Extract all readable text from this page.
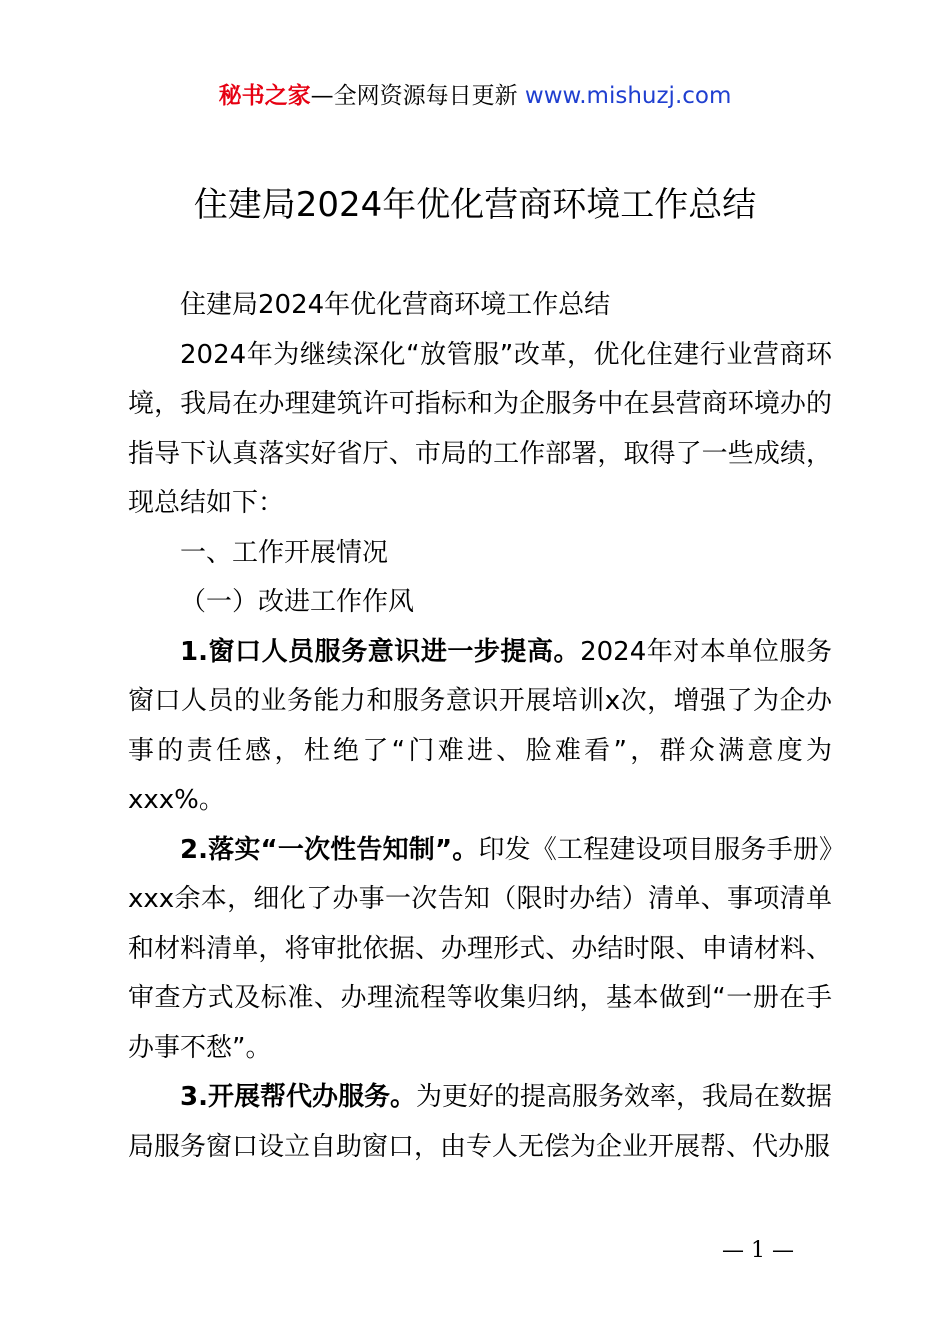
秘书之家—全网资源每日更新 www.mishuzj.com
住建局2024年优化营商环境工作总结

住建局2024年优化营商环境工作总结

2024年为继续深化“放管服”改革，优化住建行业营商环境，我局在办理建筑许可指标和为企服务中在县营商环境办的指导下认真落实好省厅、市局的工作部署，取得了一些成绩，现总结如下：

一、工作开展情况

（一）改进工作作风

1.窗口人员服务意识进一步提高。2024年对本单位服务窗口人员的业务能力和服务意识开展培训x次，增强了为企办事的责任感，杜绝了“门难进、脸难看”，群众满意度为xxx%。

2.落实“一次性告知制”。印发《工程建设项目服务手册》xxx余本，细化了办事一次告知（限时办结）清单、事项清单和材料清单，将审批依据、办理形式、办结时限、申请材料、审查方式及标准、办理流程等收集归纳，基本做到“一册在手办事不愁”。

3.开展帮代办服务。为更好的提高服务效率，我局在数据局服务窗口设立自助窗口，由专人无偿为企业开展帮、代办服

— 1 —
